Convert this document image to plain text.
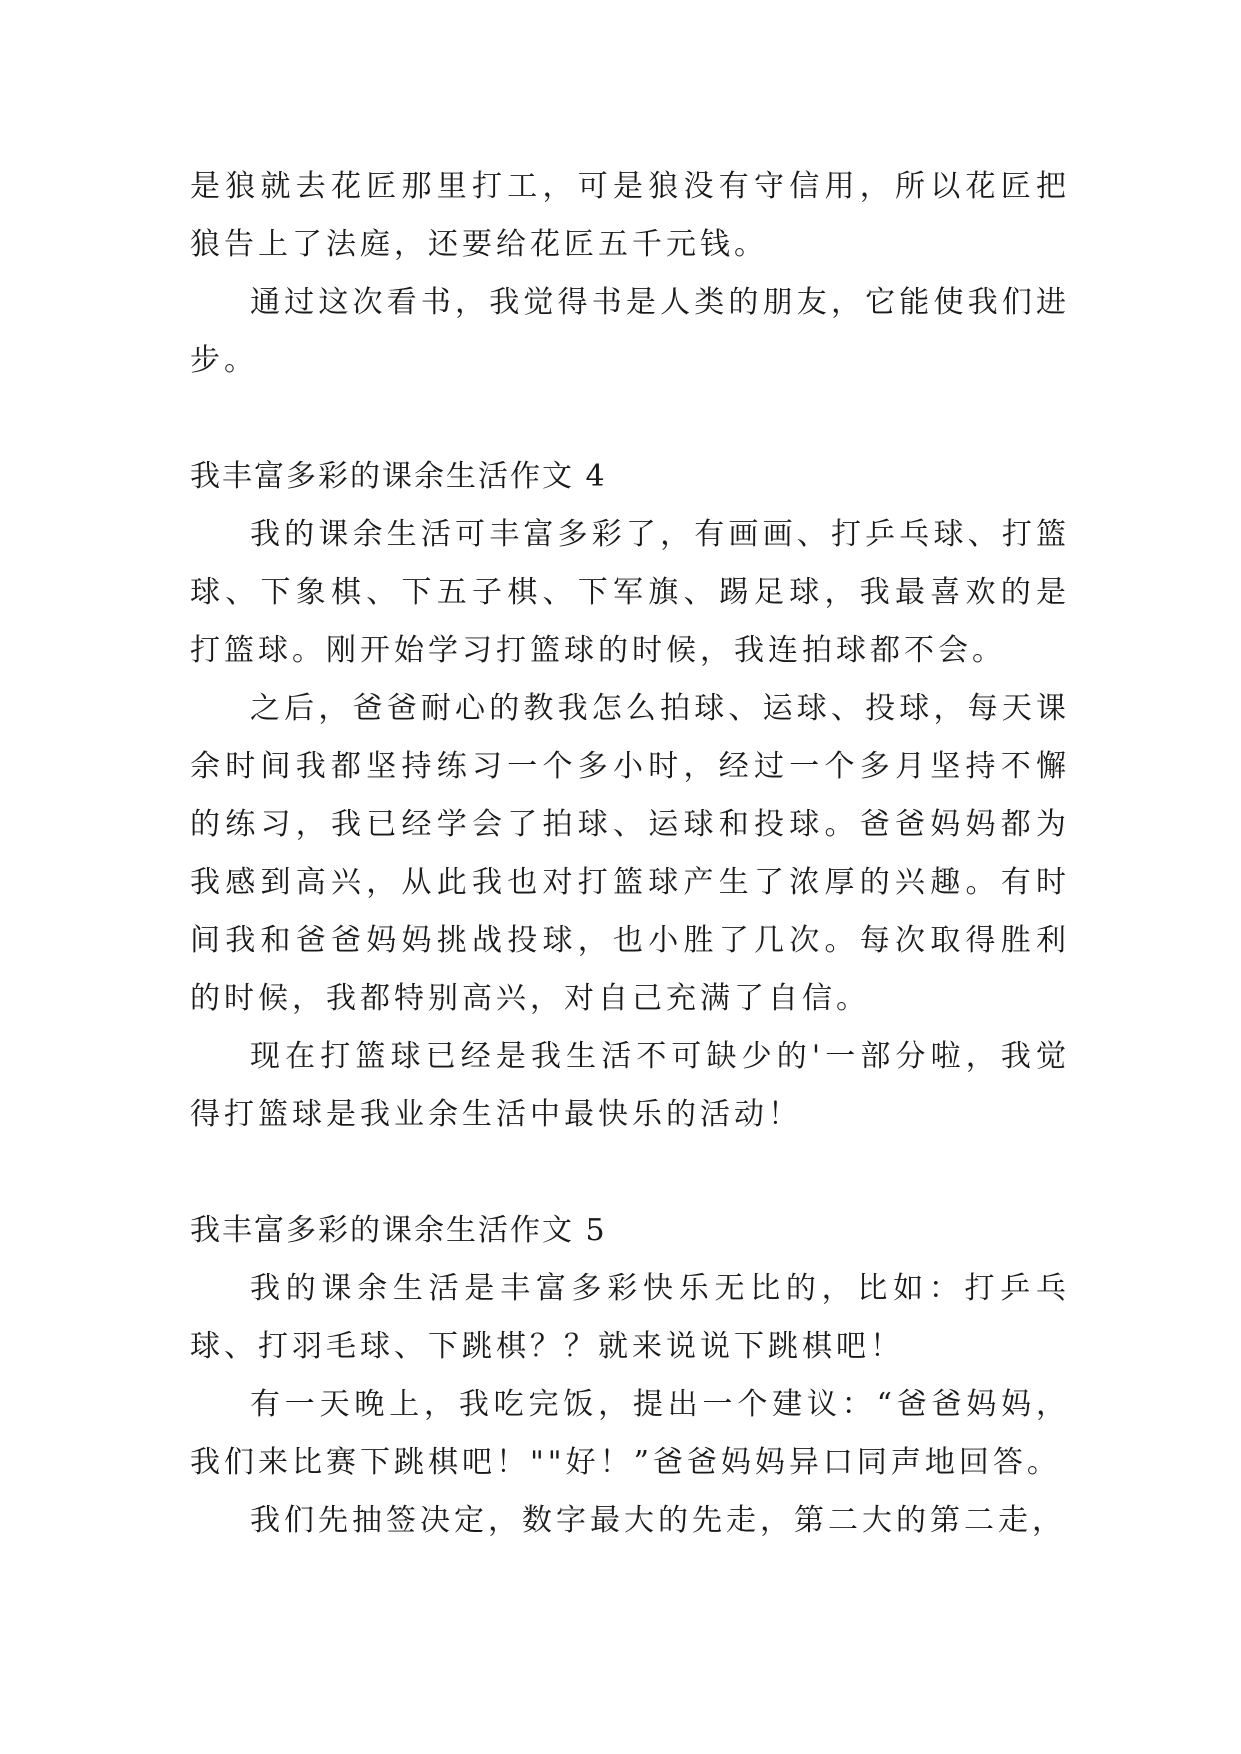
是狼就去花匠那里打工，可是狼没有守信用，所以花匠把狼告上了法庭，还要给花匠五千元钱。

通过这次看书，我觉得书是人类的朋友，它能使我们进步。

我丰富多彩的课余生活作文 4

我的课余生活可丰富多彩了，有画画、打乒乓球、打篮球、下象棋、下五子棋、下军旗、踢足球，我最喜欢的是打篮球。刚开始学习打篮球的时候，我连拍球都不会。

之后，爸爸耐心的教我怎么拍球、运球、投球，每天课余时间我都坚持练习一个多小时，经过一个多月坚持不懈的练习，我已经学会了拍球、运球和投球。爸爸妈妈都为我感到高兴，从此我也对打篮球产生了浓厚的兴趣。有时间我和爸爸妈妈挑战投球，也小胜了几次。每次取得胜利的时候，我都特别高兴，对自己充满了自信。

现在打篮球已经是我生活不可缺少的'一部分啦，我觉得打篮球是我业余生活中最快乐的活动！

我丰富多彩的课余生活作文 5

我的课余生活是丰富多彩快乐无比的，比如：打乒乓球、打羽毛球、下跳棋？？就来说说下跳棋吧！

有一天晚上，我吃完饭，提出一个建议：“爸爸妈妈，我们来比赛下跳棋吧！""好！”爸爸妈妈异口同声地回答。

我们先抽签决定，数字最大的先走，第二大的第二走，
